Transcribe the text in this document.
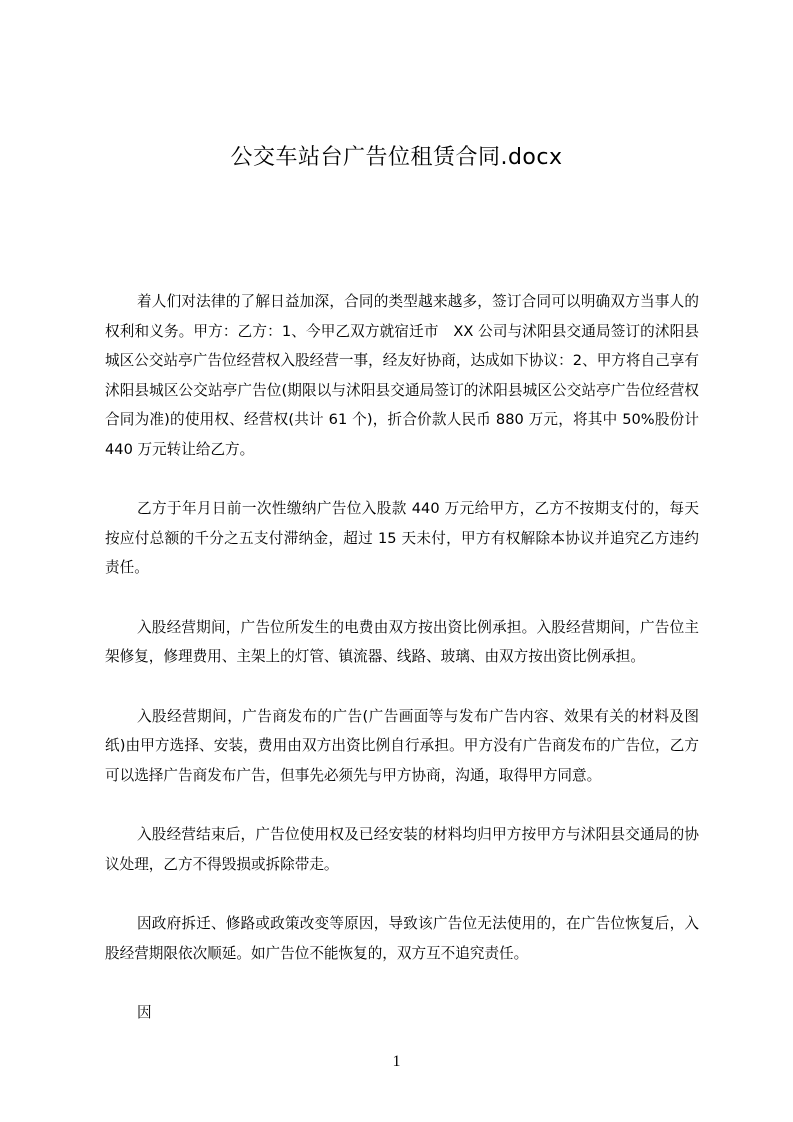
公交车站台广告位租赁合同.docx

着人们对法律的了解日益加深，合同的类型越来越多，签订合同可以明确双方当事人的权利和义务。甲方：乙方：1、今甲乙双方就宿迁市　XX 公司与沭阳县交通局签订的沭阳县城区公交站亭广告位经营权入股经营一事，经友好协商，达成如下协议：2、甲方将自己享有沭阳县城区公交站亭广告位(期限以与沭阳县交通局签订的沭阳县城区公交站亭广告位经营权合同为准)的使用权、经营权(共计 61 个)，折合价款人民币 880 万元，将其中 50%股份计 440 万元转让给乙方。

乙方于年月日前一次性缴纳广告位入股款 440 万元给甲方，乙方不按期支付的，每天按应付总额的千分之五支付滞纳金，超过 15 天未付，甲方有权解除本协议并追究乙方违约责任。

入股经营期间，广告位所发生的电费由双方按出资比例承担。入股经营期间，广告位主架修复，修理费用、主架上的灯管、镇流器、线路、玻璃、由双方按出资比例承担。

入股经营期间，广告商发布的广告(广告画面等与发布广告内容、效果有关的材料及图纸)由甲方选择、安装，费用由双方出资比例自行承担。甲方没有广告商发布的广告位，乙方可以选择广告商发布广告，但事先必须先与甲方协商，沟通，取得甲方同意。

入股经营结束后，广告位使用权及已经安装的材料均归甲方按甲方与沭阳县交通局的协议处理，乙方不得毁损或拆除带走。

因政府拆迁、修路或政策改变等原因，导致该广告位无法使用的，在广告位恢复后，入股经营期限依次顺延。如广告位不能恢复的，双方互不追究责任。

因

1
